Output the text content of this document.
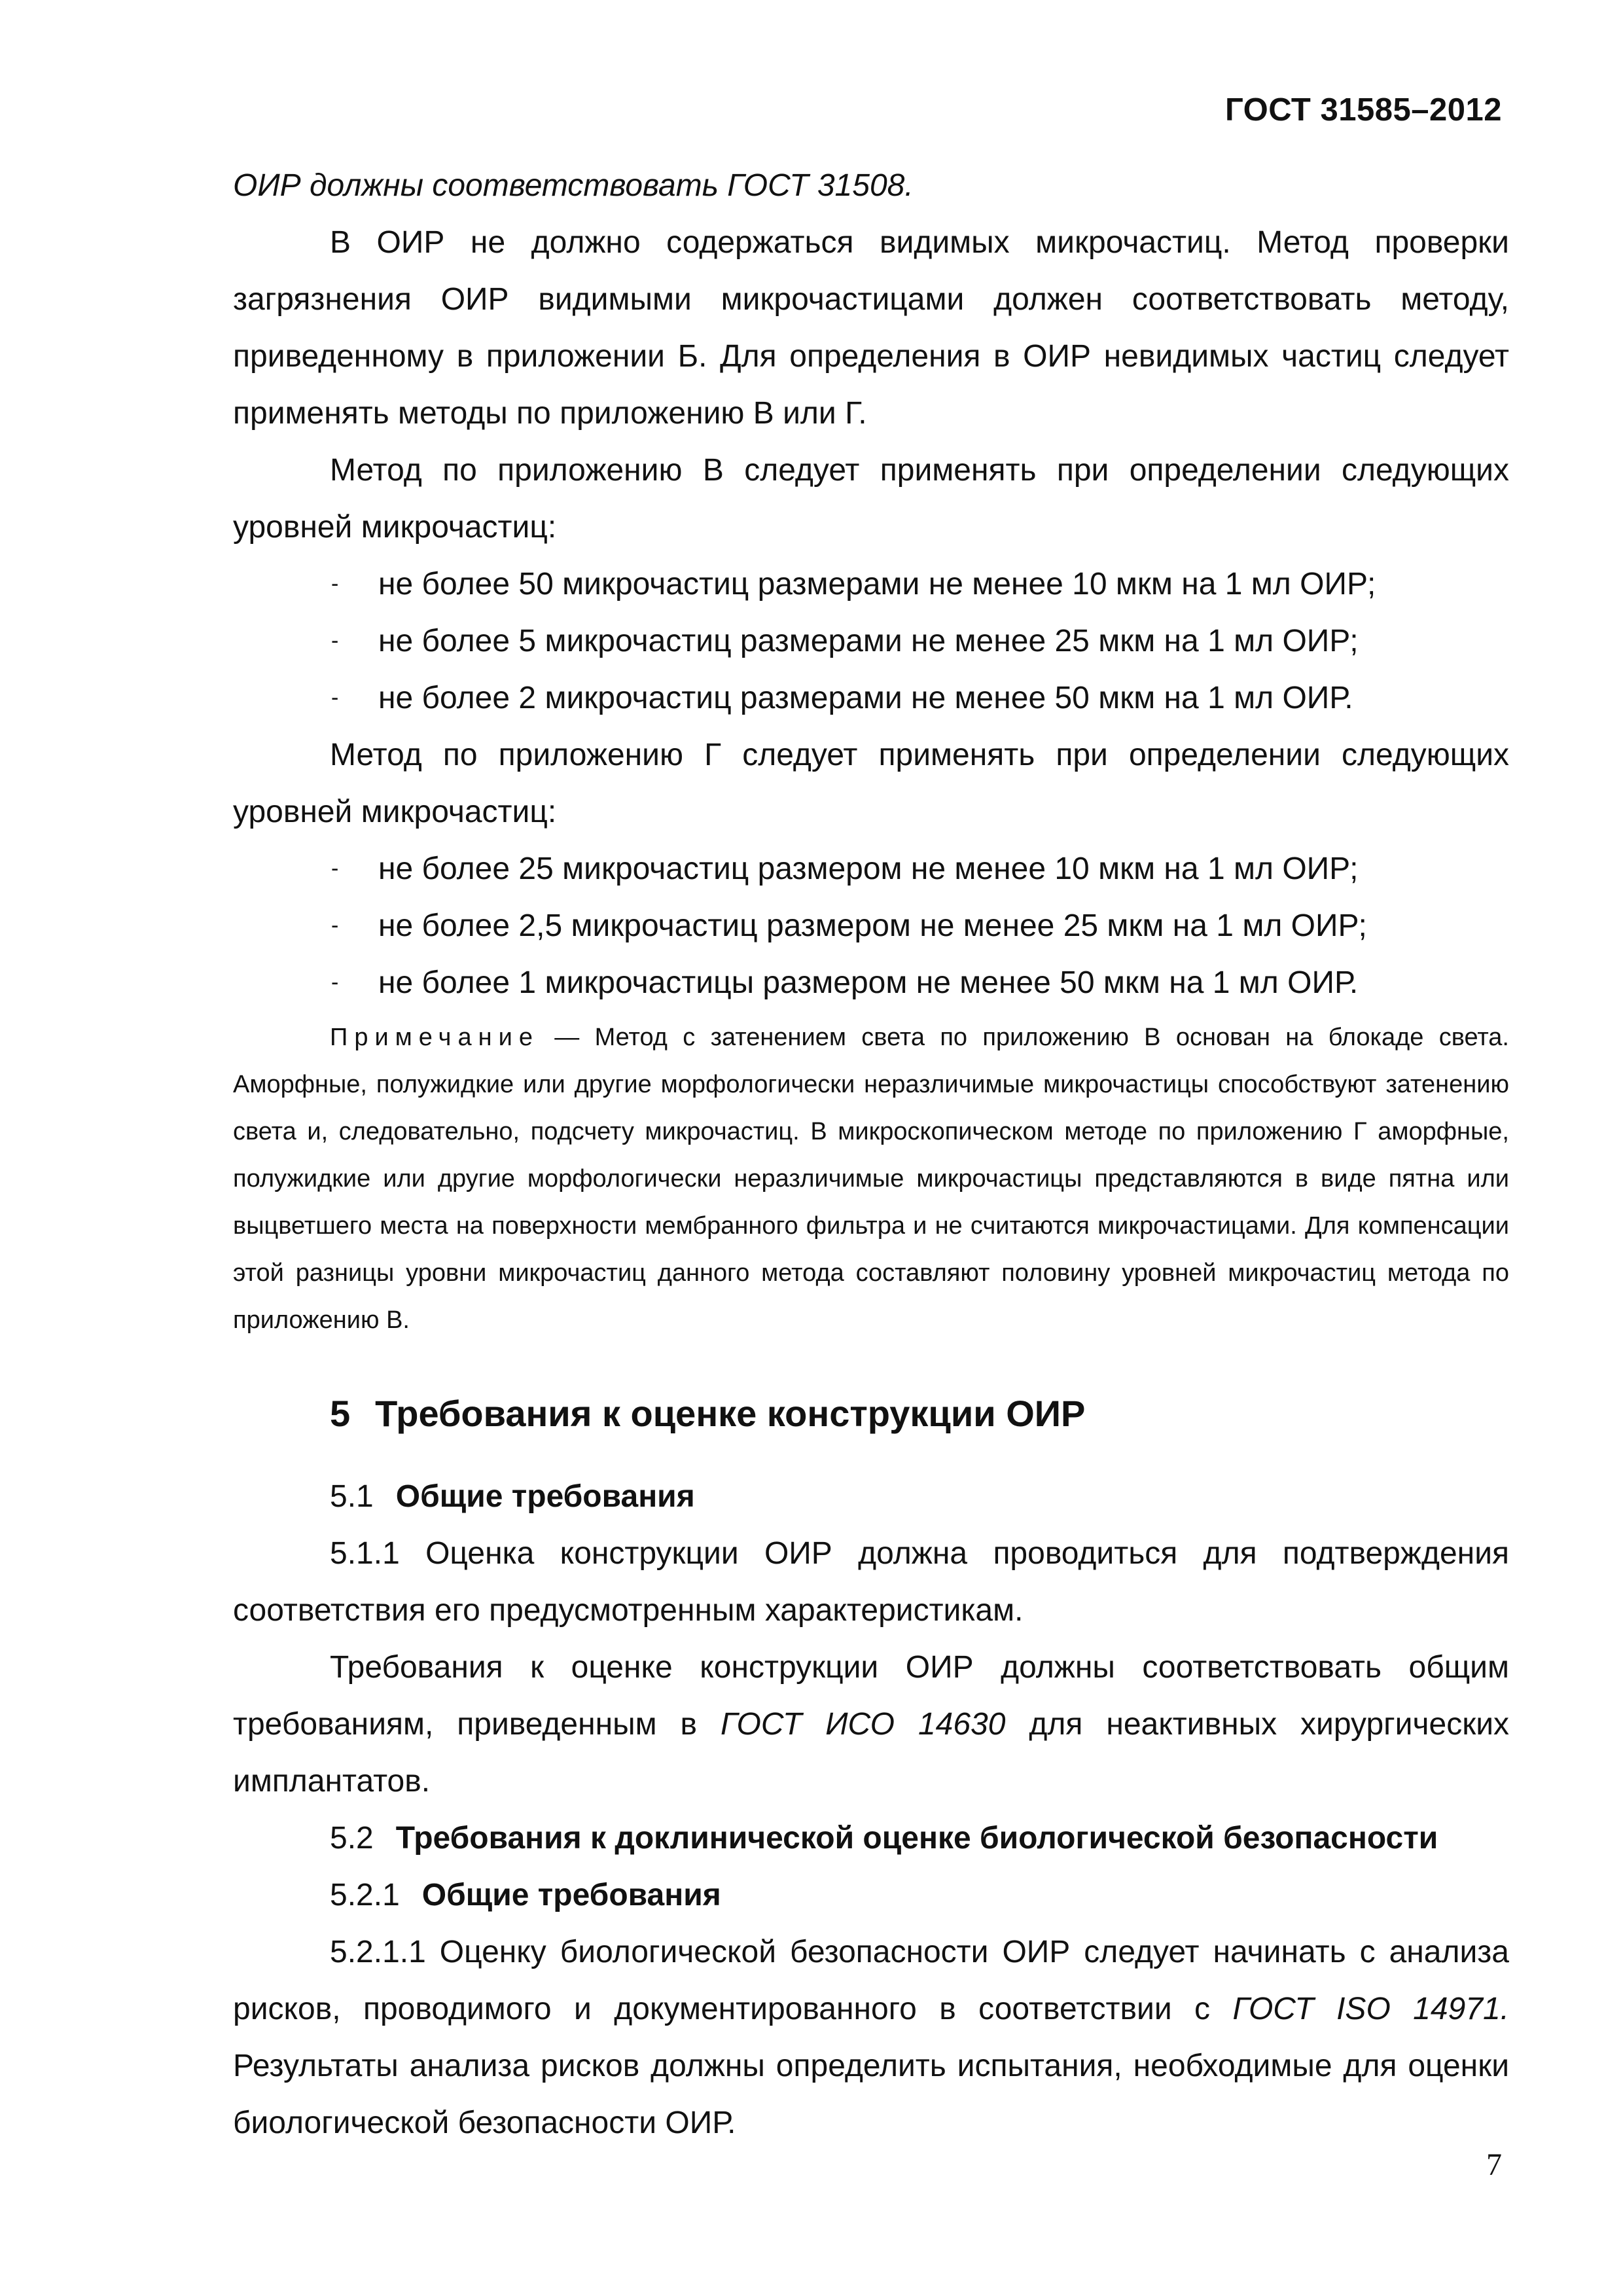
ГОСТ 31585–2012

ОИР должны соответствовать ГОСТ 31508.

В ОИР не должно содержаться видимых микрочастиц. Метод проверки загрязнения ОИР видимыми микрочастицами должен соответствовать методу, приведенному в приложении Б. Для определения в ОИР невидимых частиц следует применять методы по приложению В или Г.

Метод по приложению В следует применять при определении следующих уровней микрочастиц:

- не более 50 микрочастиц размерами не менее 10 мкм на 1 мл ОИР;

- не более 5 микрочастиц размерами не менее 25 мкм на 1 мл ОИР;

- не более 2 микрочастиц размерами не менее 50 мкм на 1 мл ОИР.

Метод по приложению Г следует применять при определении следующих уровней микрочастиц:

- не более 25 микрочастиц размером не менее 10 мкм на 1 мл ОИР;

- не более 2,5 микрочастиц размером не менее 25 мкм на 1 мл ОИР;

- не более 1 микрочастицы размером не менее 50 мкм на 1 мл ОИР.

Примечание — Метод с затенением света по приложению В основан на блокаде света. Аморфные, полужидкие или другие морфологически неразличимые микрочастицы способствуют затенению света и, следовательно, подсчету микрочастиц. В микроскопическом методе по приложению Г аморфные, полужидкие или другие морфологически неразличимые микрочастицы представляются в виде пятна или выцветшего места на поверхности мембранного фильтра и не считаются микрочастицами. Для компенсации этой разницы уровни микрочастиц данного метода составляют половину уровней микрочастиц метода по приложению В.

5 Требования к оценке конструкции ОИР
5.1 Общие требования

5.1.1 Оценка конструкции ОИР должна проводиться для подтверждения соответствия его предусмотренным характеристикам.

Требования к оценке конструкции ОИР должны соответствовать общим требованиям, приведенным в ГОСТ ИСО 14630 для неактивных хирургических имплантатов.

5.2 Требования к доклинической оценке биологической безопасности
5.2.1 Общие требования

5.2.1.1 Оценку биологической безопасности ОИР следует начинать с анализа рисков, проводимого и документированного в соответствии с ГОСТ ISO 14971. Результаты анализа рисков должны определить испытания, необходимые для оценки биологической безопасности ОИР.

7
